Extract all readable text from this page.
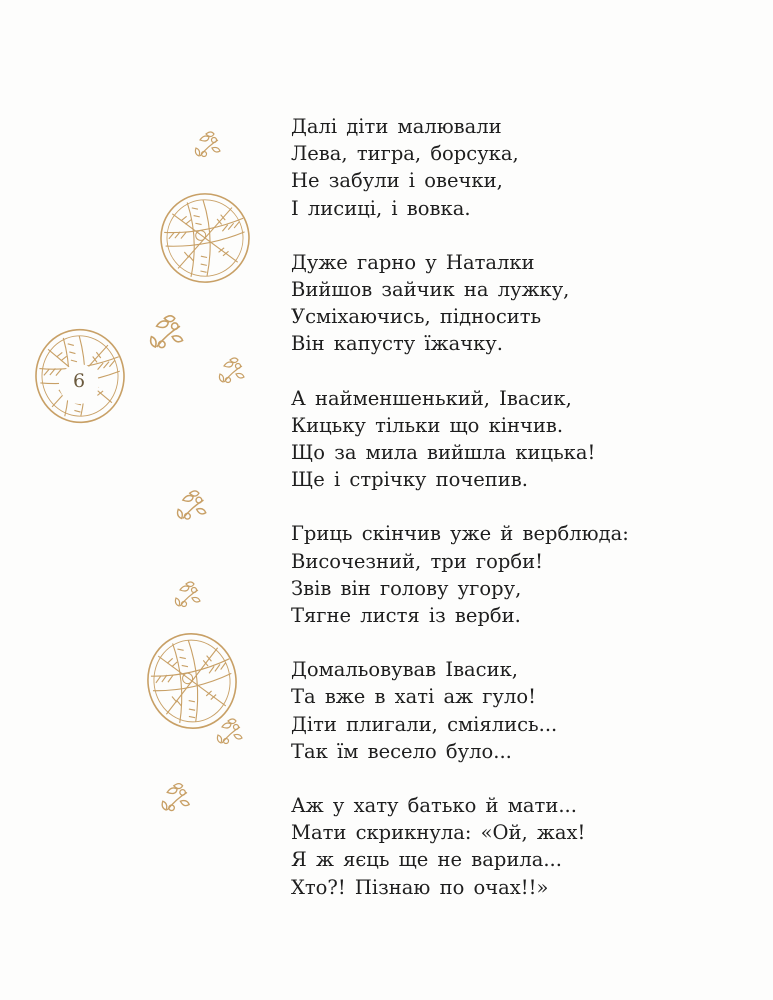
6
Далі діти малювали
Лева, тигра, борсука,
Не забули і овечки,
І лисиці, і вовка.
Дуже гарно у Наталки
Вийшов зайчик на лужку,
Усміхаючись, підносить
Він капусту їжачку.
А найменшенький, Івасик,
Кицьку тільки що кінчив.
Що за мила вийшла кицька!
Ще і стрічку почепив.
Гриць скінчив уже й верблюда:
Височезний, три горби!
Звів він голову угору,
Тягне листя із верби.
Домальовував Івасик,
Та вже в хаті аж гуло!
Діти плигали, сміялись...
Так їм весело було...
Аж у хату батько й мати...
Мати скрикнула: «Ой, жах!
Я ж яєць ще не варила...
Хто?! Пізнаю по очах!!»
